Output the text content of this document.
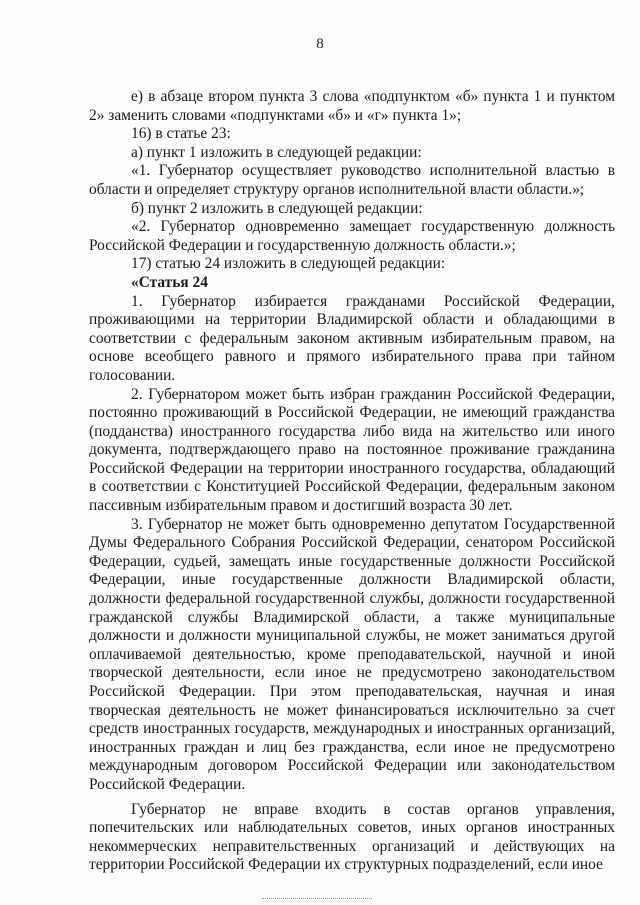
8

е) в абзаце втором пункта 3 слова «подпунктом «б» пункта 1 и пунктом 2» заменить словами «подпунктами «б» и «г» пункта 1»;

16) в статье 23:

а) пункт 1 изложить в следующей редакции:

«1. Губернатор осуществляет руководство исполнительной властью в области и определяет структуру органов исполнительной власти области.»;

б) пункт 2 изложить в следующей редакции:

«2. Губернатор одновременно замещает государственную должность Российской Федерации и государственную должность области.»;

17) статью 24 изложить в следующей редакции:

«Статья 24

1. Губернатор избирается гражданами Российской Федерации, проживающими на территории Владимирской области и обладающими в соответствии с федеральным законом активным избирательным правом, на основе всеобщего равного и прямого избирательного права при тайном голосовании.

2. Губернатором может быть избран гражданин Российской Федерации, постоянно проживающий в Российской Федерации, не имеющий гражданства (подданства) иностранного государства либо вида на жительство или иного документа, подтверждающего право на постоянное проживание гражданина Российской Федерации на территории иностранного государства, обладающий в соответствии с Конституцией Российской Федерации, федеральным законом пассивным избирательным правом и достигший возраста 30 лет.

3. Губернатор не может быть одновременно депутатом Государственной Думы Федерального Собрания Российской Федерации, сенатором Российской Федерации, судьей, замещать иные государственные должности Российской Федерации, иные государственные должности Владимирской области, должности федеральной государственной службы, должности государственной гражданской службы Владимирской области, а также муниципальные должности и должности муниципальной службы, не может заниматься другой оплачиваемой деятельностью, кроме преподавательской, научной и иной творческой деятельности, если иное не предусмотрено законодательством Российской Федерации. При этом преподавательская, научная и иная творческая деятельность не может финансироваться исключительно за счет средств иностранных государств, международных и иностранных организаций, иностранных граждан и лиц без гражданства, если иное не предусмотрено международным договором Российской Федерации или законодательством Российской Федерации.

Губернатор не вправе входить в состав органов управления, попечительских или наблюдательных советов, иных органов иностранных некоммерческих неправительственных организаций и действующих на территории Российской Федерации их структурных подразделений, если иное
